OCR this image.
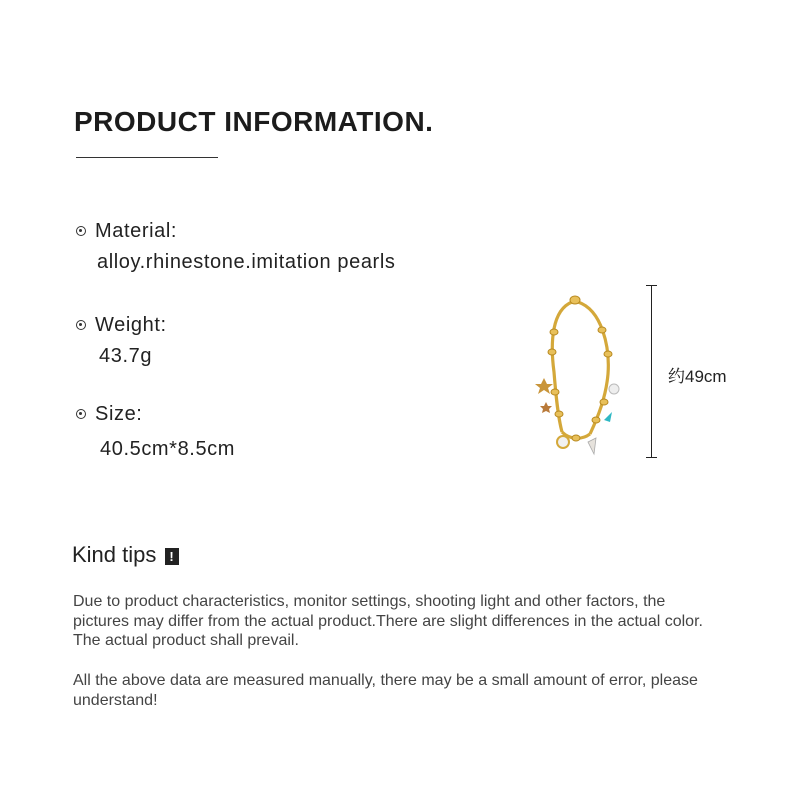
PRODUCT INFORMATION.
Material:
alloy.rhinestone.imitation pearls
Weight:
43.7g
Size:
40.5cm*8.5cm
约49cm
Kind tips !
Due to product characteristics, monitor settings, shooting light and other factors, the pictures may differ from the actual product.There are slight differences in the actual color. The actual product shall prevail.
All the above data are measured manually, there may be a small amount of error, please understand!
